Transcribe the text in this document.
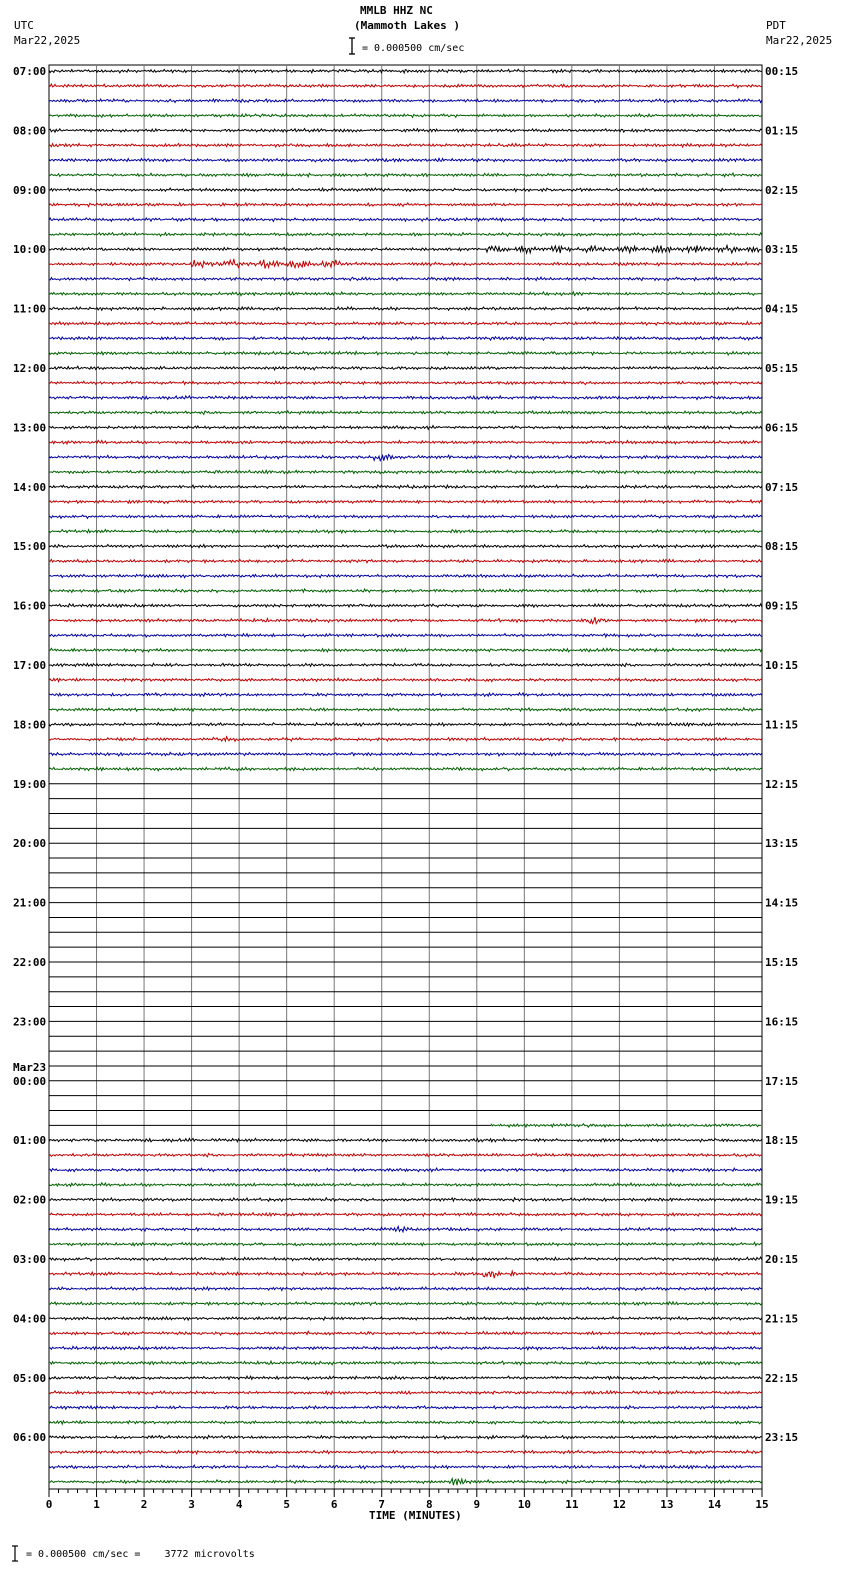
MMLB HHZ NC
(Mammoth Lakes )
UTC
Mar22,2025
PDT
Mar22,2025
= 0.000500 cm/sec
= 0.000500 cm/sec =    3772 microvolts
TIME (MINUTES)
0	1	2	3	4	5	6	7	8	9	10	11	12	13	14	15
07:00
08:00
09:00
10:00
11:00
12:00
13:00
14:00
15:00
16:00
17:00
18:00
19:00
20:00
21:00
22:00
23:00
00:00
01:00
02:00
03:00
04:00
05:00
06:00
Mar23
00:15
01:15
02:15
03:15
04:15
05:15
06:15
07:15
08:15
09:15
10:15
11:15
12:15
13:15
14:15
15:15
16:15
17:15
18:15
19:15
20:15
21:15
22:15
23:15
